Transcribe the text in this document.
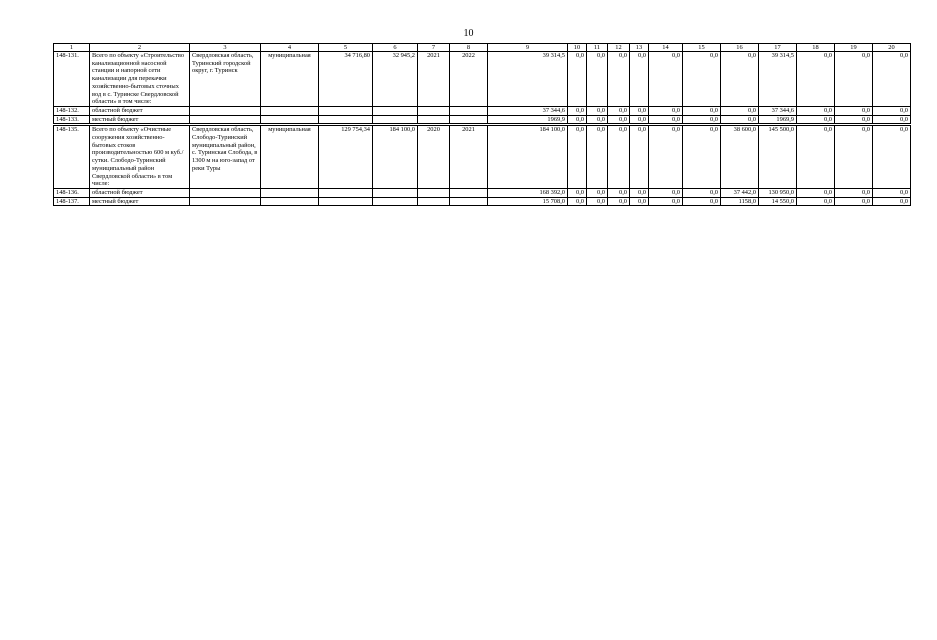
10
1	2	3	4	5	6	7	8	9	10	11	12	13	14	15	16	17	18	19	20
148-131.	Всего по объекту «Строительство канализационной насосной станции и напорной сети канализации для перекачки хозяйственно-бытовых сточных вод в с. Туринске Свердловской области» в том числе:	Свердловская область, Туринский городской округ, г. Туринск	муниципальная	34 716,80	32 945,2	2021	2022	39 314,5	0,0	0,0	0,0	0,0	0,0	0,0	0,0	39 314,5	0,0	0,0	0,0
148-132.	областной бюджет							37 344,6	0,0	0,0	0,0	0,0	0,0	0,0	0,0	37 344,6	0,0	0,0	0,0
148-133.	местный бюджет							1969,9	0,0	0,0	0,0	0,0	0,0	0,0	0,0	1969,9	0,0	0,0	0,0

148-135.	Всего по объекту «Очистные сооружения хозяйственно-бытовых стоков производительностью 600 м куб./сутки. Слободо-Туринский муниципальный район Свердловской области» в том числе:	Свердловская область, Слободо-Туринский муниципальный район, с. Туринская Слобода, в 1300 м на юго-запад от реки Туры	муниципальная	129 754,34	184 100,0	2020	2021	184 100,0	0,0	0,0	0,0	0,0	0,0	0,0	38 600,0	145 500,0	0,0	0,0	0,0
148-136.	областной бюджет							168 392,0	0,0	0,0	0,0	0,0	0,0	0,0	37 442,0	130 950,0	0,0	0,0	0,0
148-137.	местный бюджет							15 708,0	0,0	0,0	0,0	0,0	0,0	0,0	1158,0	14 550,0	0,0	0,0	0,0
